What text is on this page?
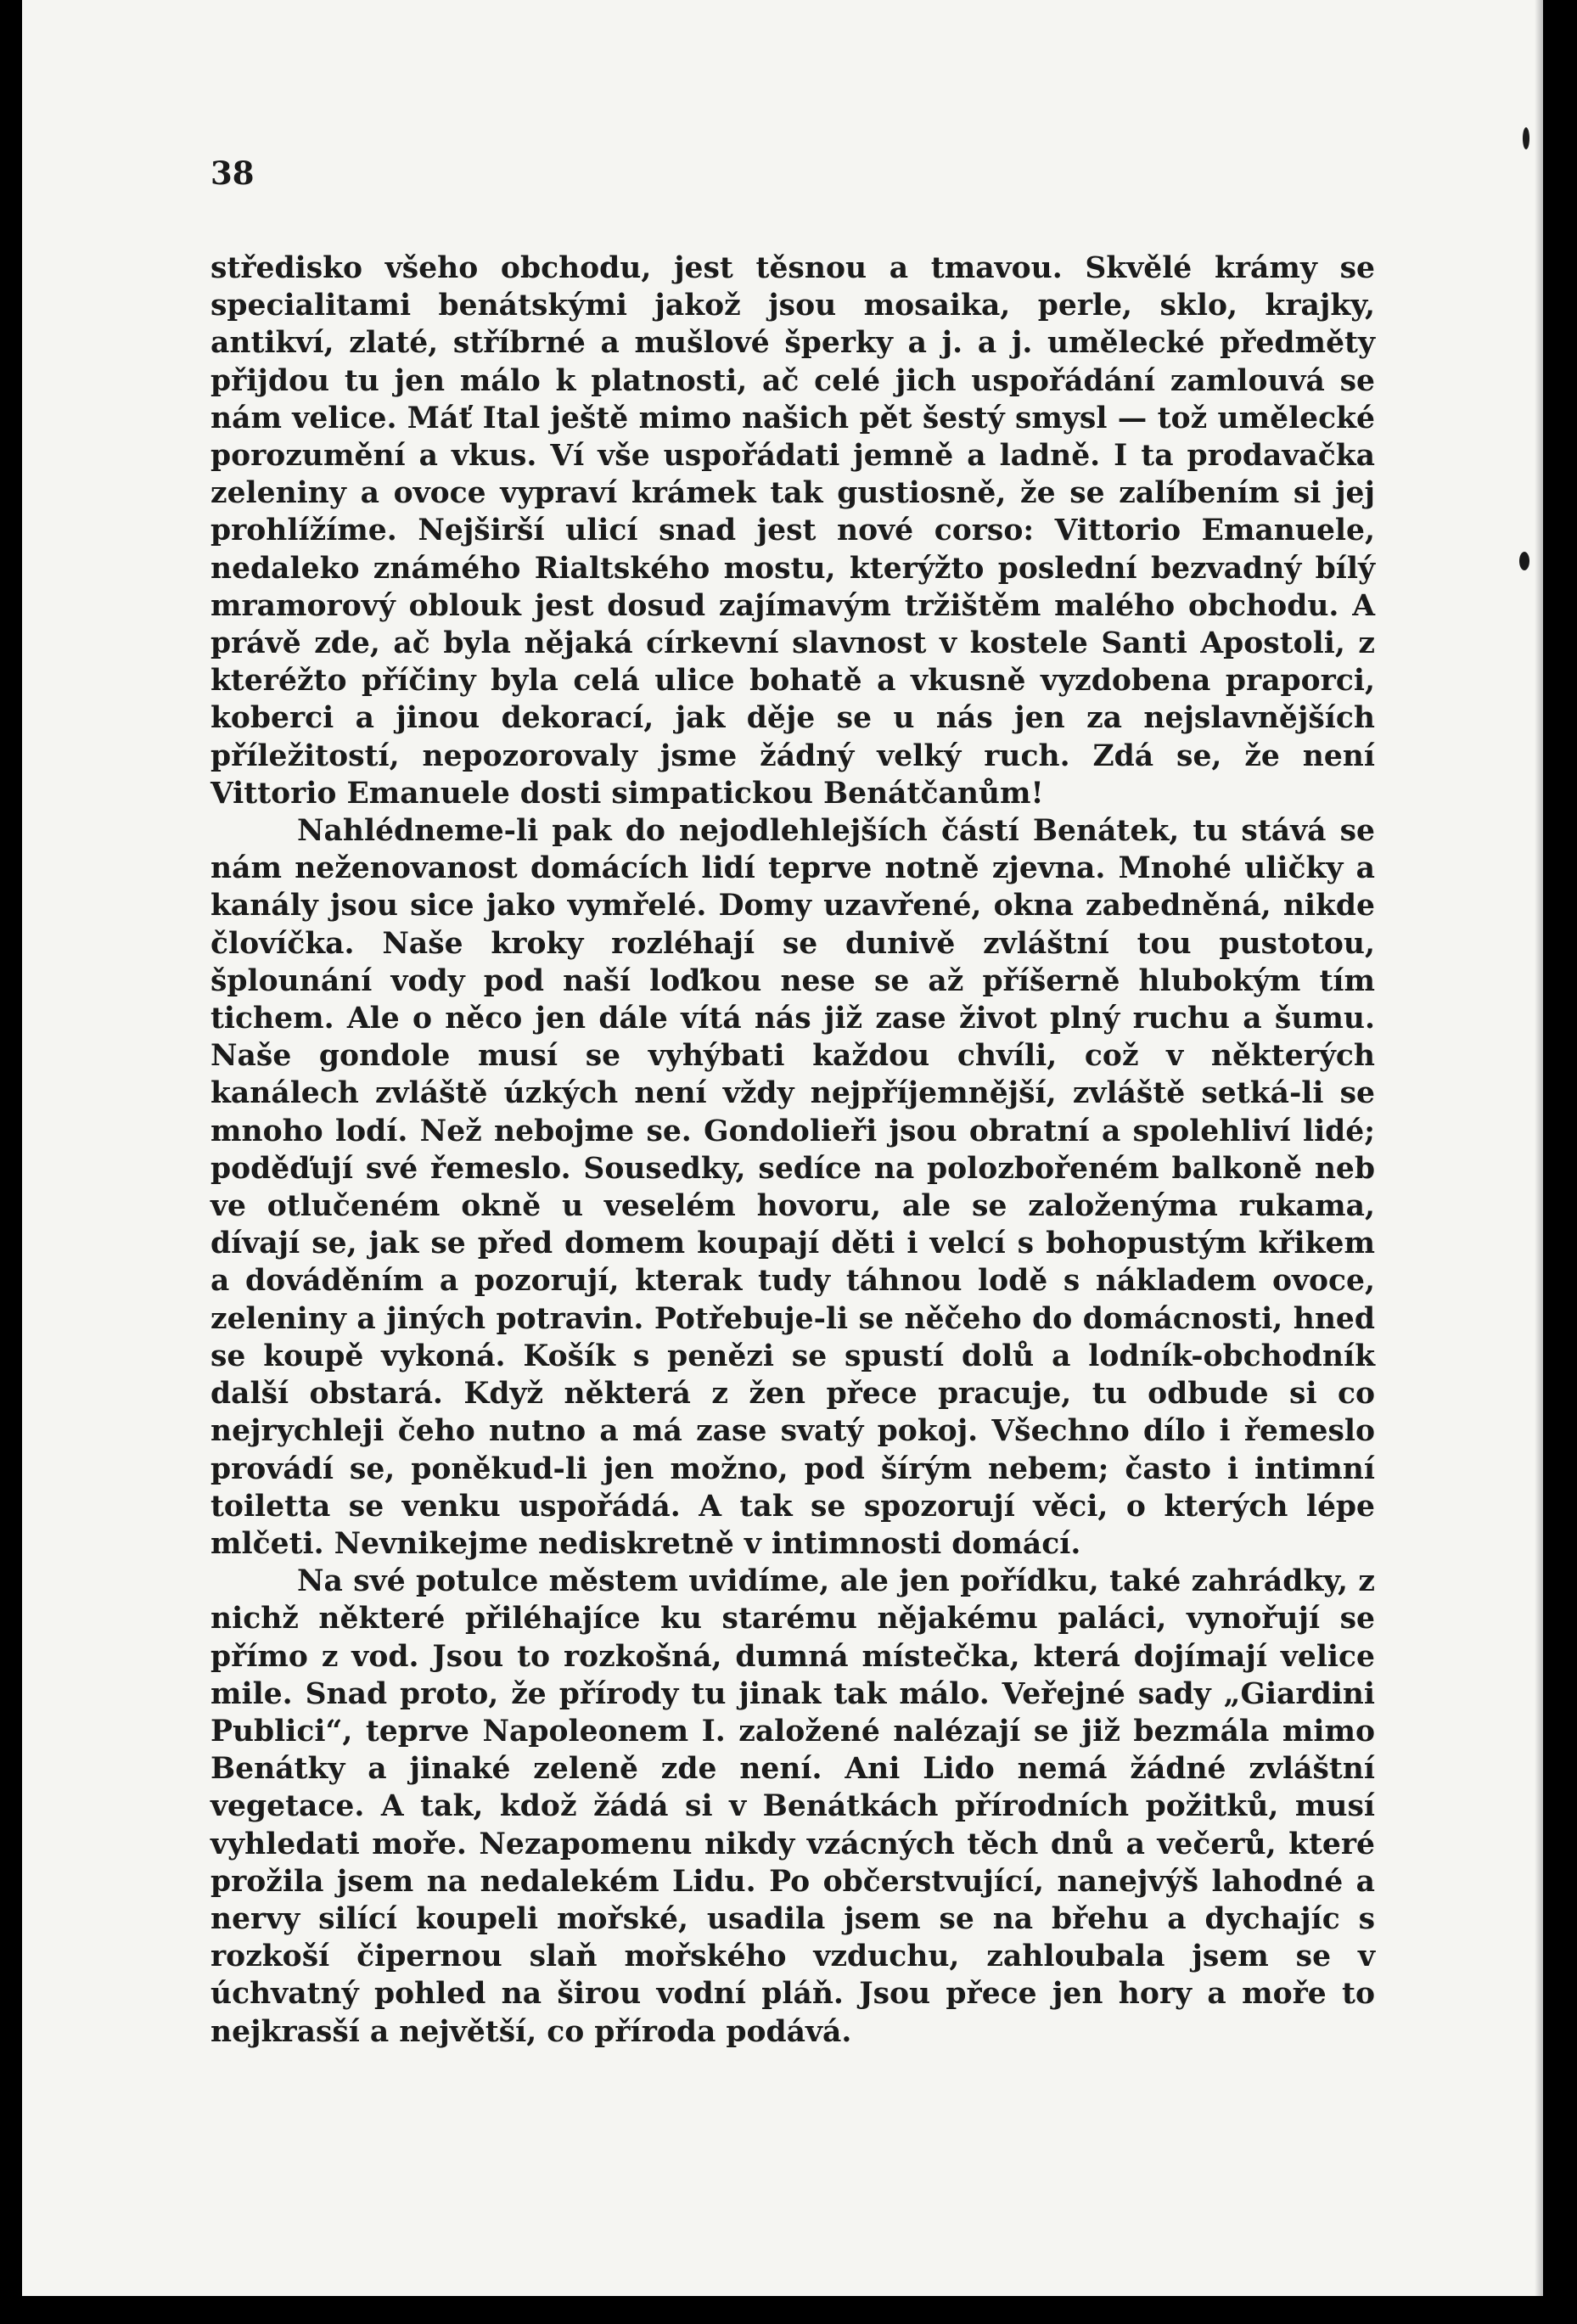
38

středisko všeho obchodu, jest těsnou a tmavou. Skvělé krámy se specialitami benátskými jakož jsou mosaika, perle, sklo, krajky, antikví, zlaté, stříbrné a mušlové šperky a j. a j. umělecké předměty přijdou tu jen málo k platnosti, ač celé jich uspořádání zamlouvá se nám velice. Máť Ital ještě mimo našich pět šestý smysl — tož umělecké porozumění a vkus. Ví vše uspořádati jemně a ladně. I ta prodavačka zeleniny a ovoce vypraví krámek tak gustiosně, že se zalíbením si jej prohlížíme. Nejširší ulicí snad jest nové corso: Vittorio Emanuele, nedaleko známého Rialtského mostu, kterýžto poslední bezvadný bílý mramorový oblouk jest dosud zajímavým tržištěm malého obchodu. A právě zde, ač byla nějaká církevní slavnost v kostele Santi Apostoli, z kteréžto příčiny byla celá ulice bohatě a vkusně vyzdobena praporci, koberci a jinou dekorací, jak děje se u nás jen za nejslavnějších příležitostí, nepozorovaly jsme žádný velký ruch. Zdá se, že není Vittorio Emanuele dosti simpatickou Benátčanům!

Nahlédneme-li pak do nejodlehlejších částí Benátek, tu stává se nám neženovanost domácích lidí teprve notně zjevna. Mnohé uličky a kanály jsou sice jako vymřelé. Domy uzavřené, okna zabedněná, nikde človíčka. Naše kroky rozléhají se dunivě zvláštní tou pustotou, šplounání vody pod naší loďkou nese se až příšerně hlubokým tím tichem. Ale o něco jen dále vítá nás již zase život plný ruchu a šumu. Naše gondole musí se vyhýbati každou chvíli, což v některých kanálech zvláště úzkých není vždy nejpříjemnější, zvláště setká-li se mnoho lodí. Než nebojme se. Gondolieři jsou obratní a spolehliví lidé; poděďují své řemeslo. Sousedky, sedíce na polozbořeném balkoně neb ve otlučeném okně u veselém hovoru, ale se založenýma rukama, dívají se, jak se před domem koupají děti i velcí s bohopustým křikem a dováděním a pozorují, kterak tudy táhnou lodě s nákladem ovoce, zeleniny a jiných potravin. Potřebuje-li se něčeho do domácnosti, hned se koupě vykoná. Košík s penězi se spustí dolů a lodník-obchodník další obstará. Když některá z žen přece pracuje, tu odbude si co nejrychleji čeho nutno a má zase svatý pokoj. Všechno dílo i řemeslo provádí se, poněkud-li jen možno, pod šírým nebem; často i intimní toiletta se venku uspořádá. A tak se spozorují věci, o kterých lépe mlčeti. Nevnikejme nediskretně v intimnosti domácí.

Na své potulce městem uvidíme, ale jen pořídku, také zahrádky, z nichž některé přiléhajíce ku starému nějakému paláci, vynořují se přímo z vod. Jsou to rozkošná, dumná místečka, která dojímají velice mile. Snad proto, že přírody tu jinak tak málo. Veřejné sady „Giardini Publici“, teprve Napoleonem I. založené nalézají se již bezmála mimo Benátky a jinaké zeleně zde není. Ani Lido nemá žádné zvláštní vegetace. A tak, kdož žádá si v Benátkách přírodních požitků, musí vyhledati moře. Nezapomenu nikdy vzácných těch dnů a večerů, které prožila jsem na nedalekém Lidu. Po občerstvující, nanejvýš lahodné a nervy silící koupeli mořské, usadila jsem se na břehu a dychajíc s rozkoší čipernou slaň mořského vzduchu, zahloubala jsem se v úchvatný pohled na širou vodní pláň. Jsou přece jen hory a moře to nejkrasší a největší, co příroda podává.
